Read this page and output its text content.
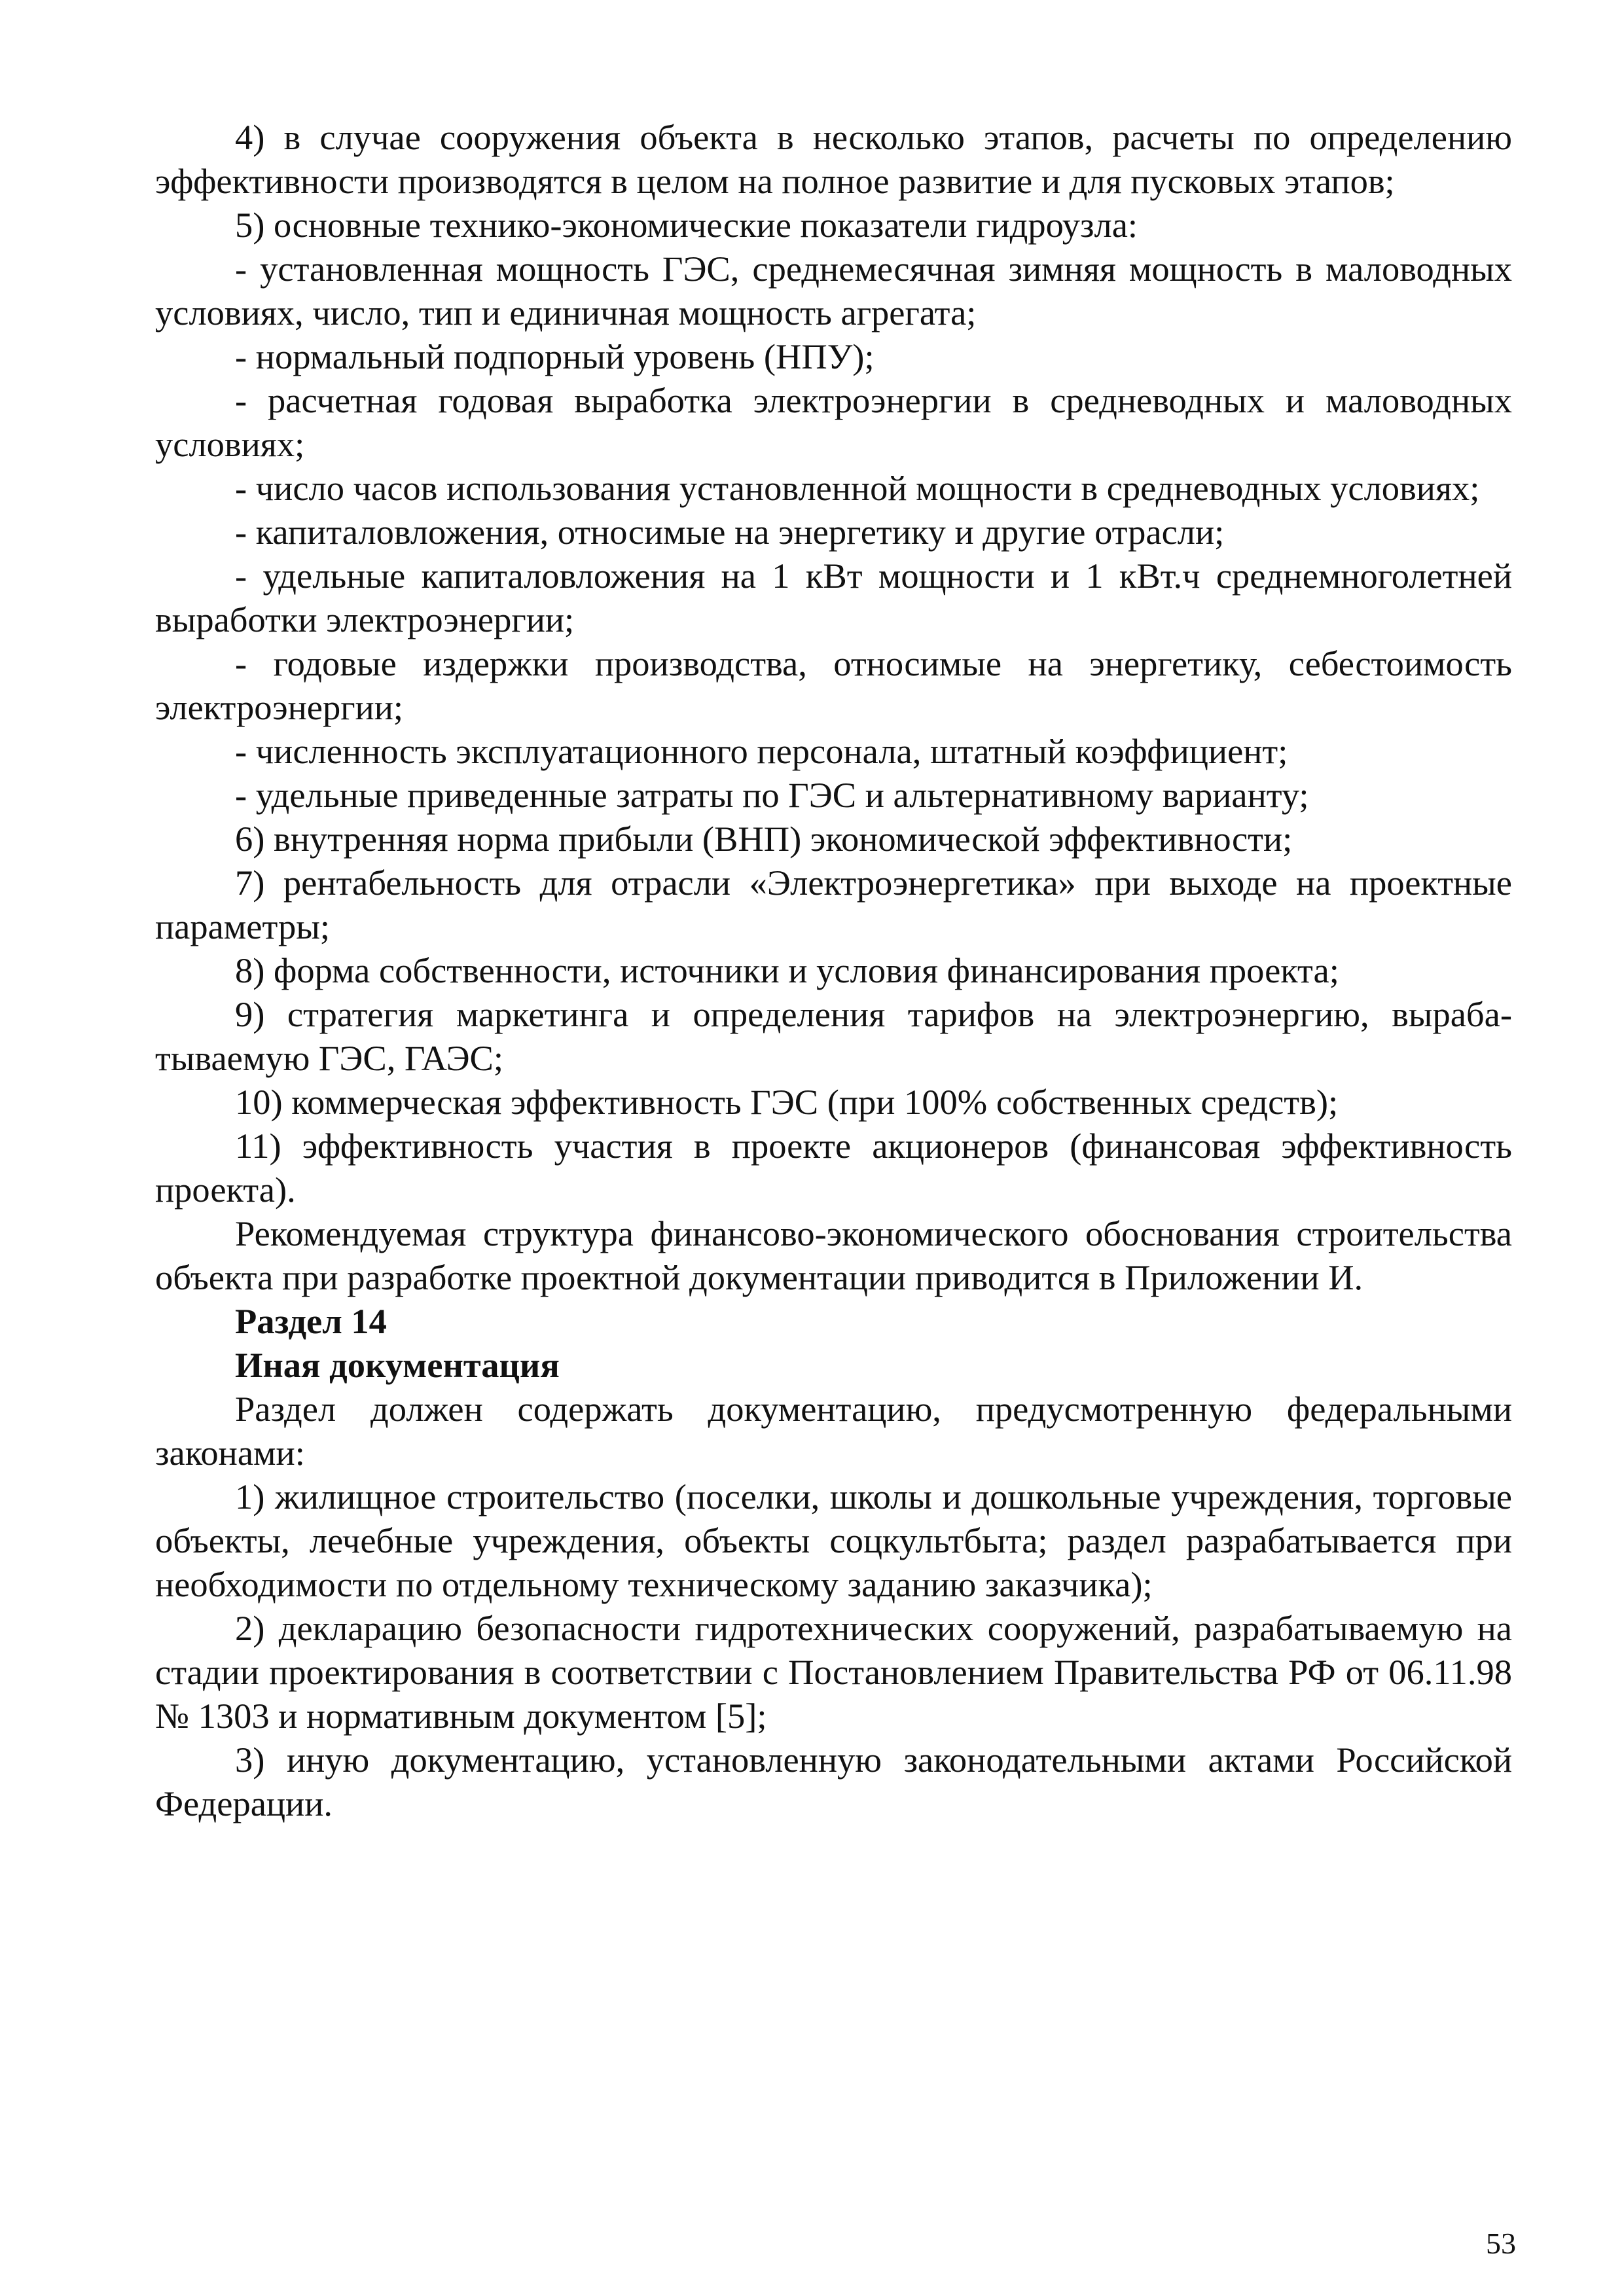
4) в случае сооружения объекта в несколько этапов, расчеты по определению эффективности производятся в целом на полное развитие и для пусковых этапов;

5) основные технико-экономические показатели гидроузла:

- установленная мощность ГЭС, среднемесячная зимняя мощность в маловодных условиях, число, тип и единичная мощность агрегата;

- нормальный подпорный уровень (НПУ);

- расчетная годовая выработка электроэнергии в средневодных и маловодных условиях;

- число часов использования установленной мощности в средневодных условиях;

- капиталовложения, относимые на энергетику и другие отрасли;

- удельные капиталовложения на 1 кВт мощности и 1 кВт.ч среднемноголетней выработки электроэнергии;

- годовые издержки производства, относимые на энергетику, себестоимость электроэнергии;

- численность эксплуатационного персонала, штатный коэффициент;

- удельные приведенные затраты по ГЭС и альтернативному варианту;

6) внутренняя норма прибыли (ВНП) экономической эффективности;

7) рентабельность для отрасли «Электроэнергетика» при выходе на проектные параметры;

8) форма собственности, источники и условия финансирования проекта;

9) стратегия маркетинга и определения тарифов на электроэнергию, вырабатываемую ГЭС, ГАЭС;

10) коммерческая эффективность ГЭС (при 100% собственных средств);

11) эффективность участия в проекте акционеров (финансовая эффективность проекта).

Рекомендуемая структура финансово-экономического обоснования строительства объекта при разработке проектной документации приводится в Приложении И.

Раздел 14

Иная документация

Раздел должен содержать документацию, предусмотренную федеральными законами:

1) жилищное строительство (поселки, школы и дошкольные учреждения, торговые объекты, лечебные учреждения, объекты соцкультбыта; раздел разрабатывается при необходимости по отдельному техническому заданию заказчика);

2) декларацию безопасности гидротехнических сооружений, разрабатываемую на стадии проектирования в соответствии с Постановлением Правительства РФ от 06.11.98 № 1303 и нормативным документом [5];

3) иную документацию, установленную законодательными актами Российской Федерации.

53
